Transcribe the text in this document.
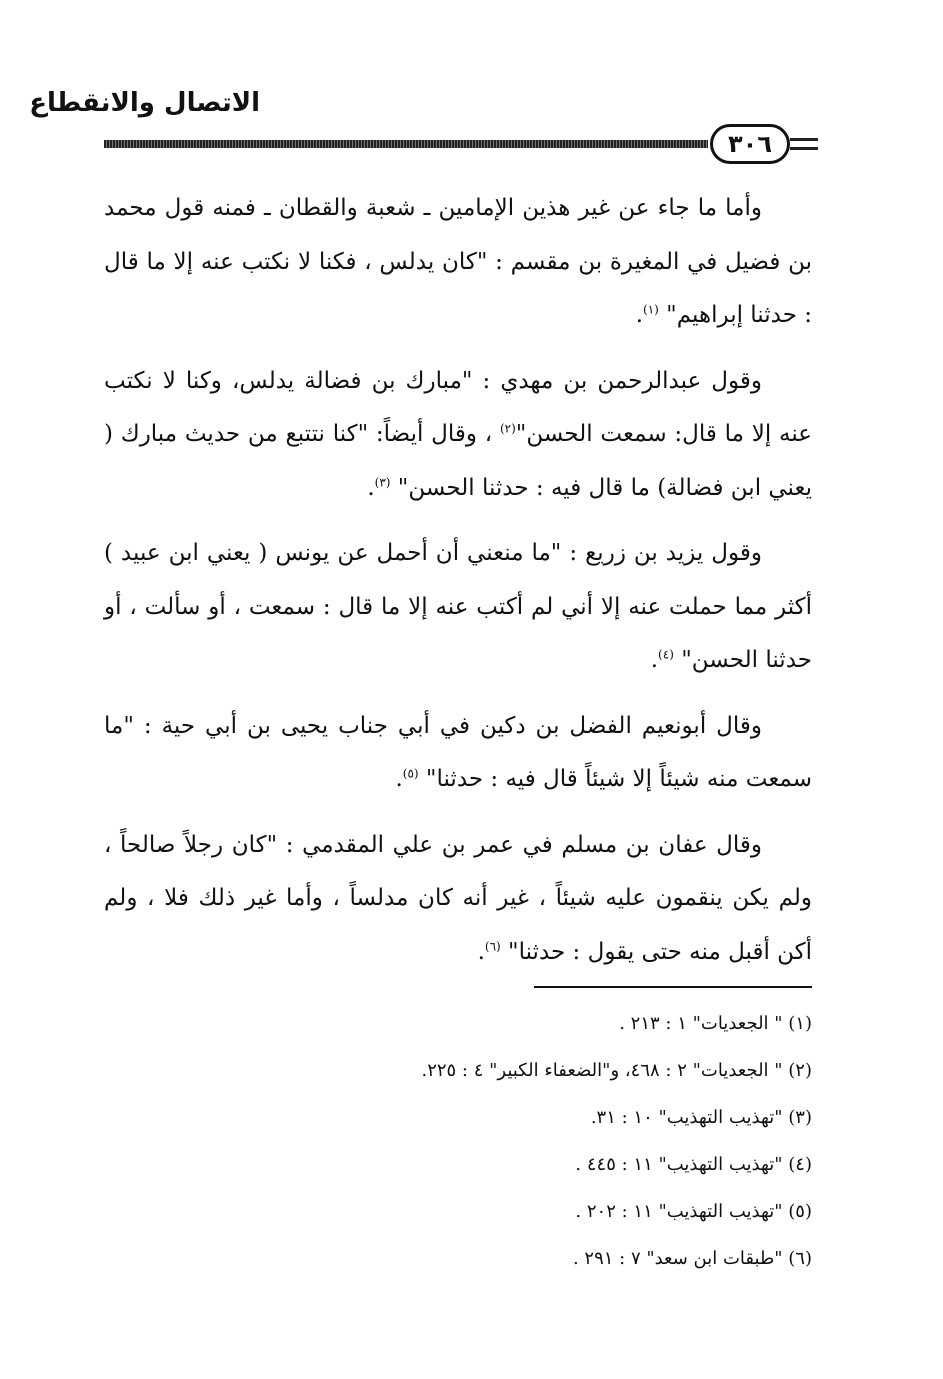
الاتصال والانقطاع
٣٠٦

وأما ما جاء عن غير هذين الإمامين ـ شعبة والقطان ـ فمنه قول محمد بن فضيل في المغيرة بن مقسم : "كان يدلس ، فكنا لا نكتب عنه إلا ما قال : حدثنا إبراهيم" $^{(١)}$.

وقول عبدالرحمن بن مهدي : "مبارك بن فضالة يدلس، وكنا لا نكتب عنه إلا ما قال: سمعت الحسن"$^{(٢)}$ ، وقال أيضاً: "كنا نتتبع من حديث مبارك ( يعني ابن فضالة) ما قال فيه : حدثنا الحسن" $^{(٣)}$.

وقول يزيد بن زريع : "ما منعني أن أحمل عن يونس ( يعني ابن عبيد ) أكثر مما حملت عنه إلا أني لم أكتب عنه إلا ما قال : سمعت ، أو سألت ، أو حدثنا الحسن" $^{(٤)}$.

وقال أبونعيم الفضل بن دكين في أبي جناب يحيى بن أبي حية : "ما سمعت منه شيئاً إلا شيئاً قال فيه : حدثنا" $^{(٥)}$.

وقال عفان بن مسلم في عمر بن علي المقدمي : "كان رجلاً صالحاً ، ولم يكن ينقمون عليه شيئاً ، غير أنه كان مدلساً ، وأما غير ذلك فلا ، ولم أكن أقبل منه حتى يقول : حدثنا" $^{(٦)}$.

(١) " الجعديات" ١ : ٢١٣ .

(٢) " الجعديات" ٢ : ٤٦٨، و"الضعفاء الكبير" ٤ : ٢٢٥.

(٣) "تهذيب التهذيب" ١٠ : ٣١.

(٤) "تهذيب التهذيب" ١١ : ٤٤٥ .

(٥) "تهذيب التهذيب" ١١ : ٢٠٢ .

(٦) "طبقات ابن سعد" ٧ : ٢٩١ .
